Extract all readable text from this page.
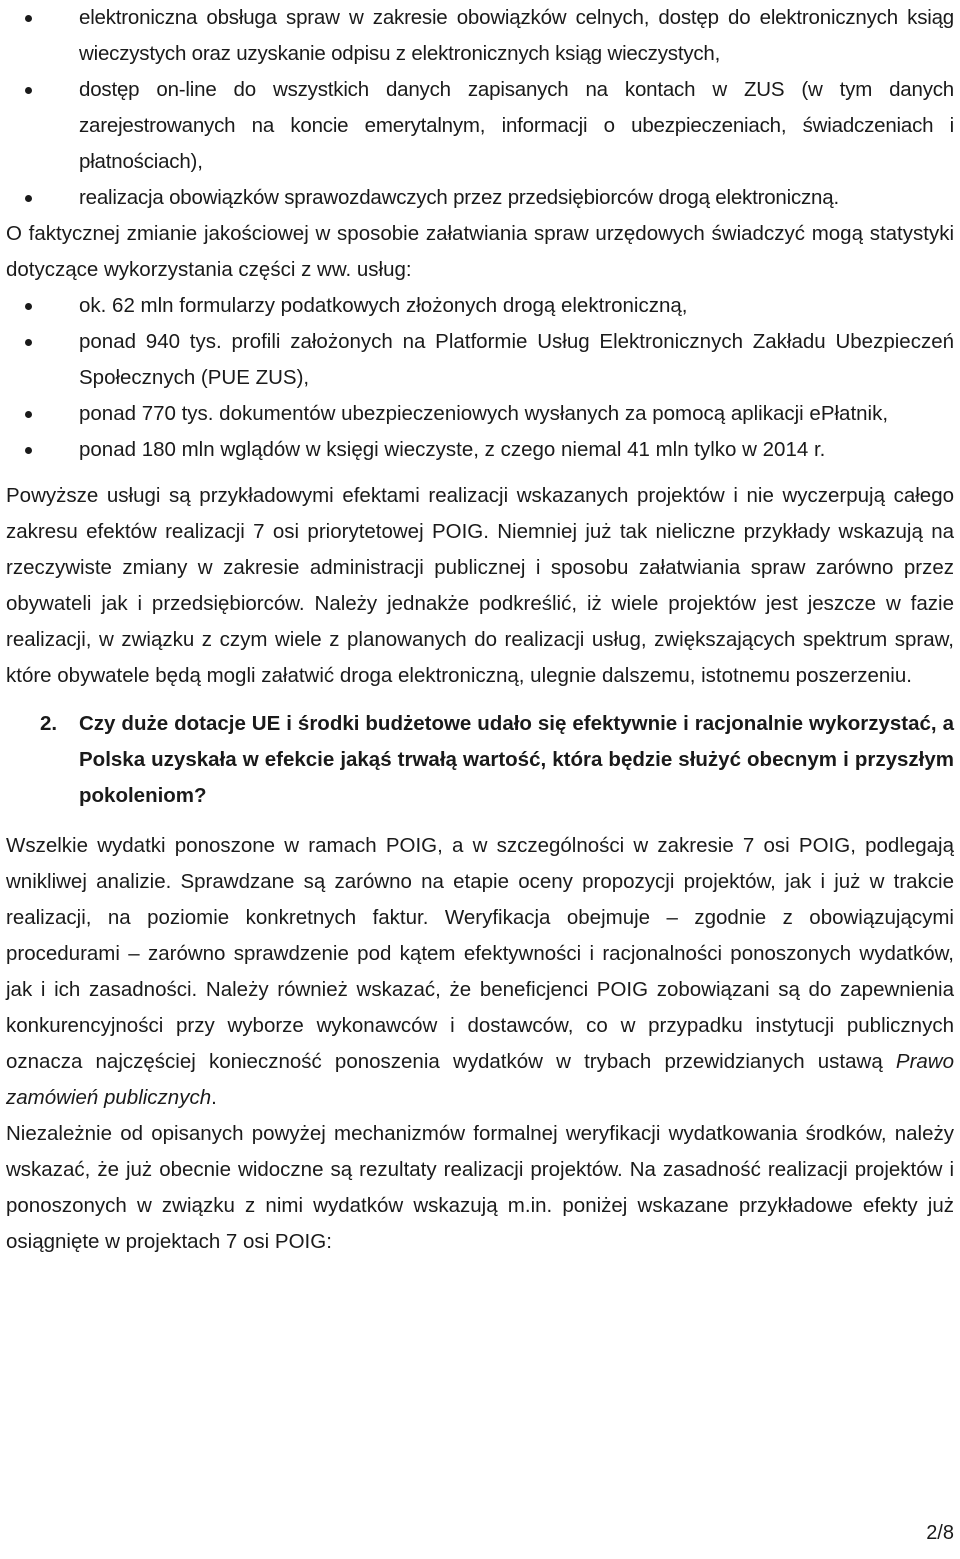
elektroniczna obsługa spraw w zakresie obowiązków celnych, dostęp do elektronicznych ksiąg wieczystych oraz uzyskanie odpisu z elektronicznych ksiąg wieczystych,
dostęp on-line do wszystkich danych zapisanych na kontach w ZUS (w tym danych zarejestrowanych na koncie emerytalnym, informacji o ubezpieczeniach, świadczeniach i płatnościach),
realizacja obowiązków sprawozdawczych przez przedsiębiorców drogą elektroniczną.

O faktycznej zmianie jakościowej w sposobie załatwiania spraw urzędowych świadczyć mogą statystyki dotyczące wykorzystania części z ww. usług:

ok. 62 mln formularzy podatkowych złożonych drogą elektroniczną,
ponad 940 tys. profili założonych na Platformie Usług Elektronicznych Zakładu Ubezpieczeń Społecznych (PUE ZUS),
ponad 770 tys. dokumentów ubezpieczeniowych wysłanych za pomocą aplikacji ePłatnik,
ponad 180 mln wglądów w księgi wieczyste, z czego niemal 41 mln tylko w 2014 r.

Powyższe usługi są przykładowymi efektami realizacji wskazanych projektów i nie wyczerpują całego zakresu efektów realizacji 7 osi priorytetowej POIG. Niemniej już tak nieliczne przykłady wskazują na rzeczywiste zmiany w zakresie administracji publicznej i sposobu załatwiania spraw zarówno przez obywateli jak i przedsiębiorców. Należy jednakże podkreślić, iż wiele projektów jest jeszcze w fazie realizacji, w związku z czym wiele z planowanych do realizacji usług, zwiększających spektrum spraw, które obywatele będą mogli załatwić droga elektroniczną, ulegnie dalszemu, istotnemu poszerzeniu.

2. Czy duże dotacje UE i środki budżetowe udało się efektywnie i racjonalnie wykorzystać, a Polska uzyskała w efekcie jakąś trwałą wartość, która będzie służyć obecnym i przyszłym pokoleniom?

Wszelkie wydatki ponoszone w ramach POIG, a w szczególności w zakresie 7 osi POIG, podlegają wnikliwej analizie. Sprawdzane są zarówno na etapie oceny propozycji projektów, jak i już w trakcie realizacji, na poziomie konkretnych faktur. Weryfikacja obejmuje – zgodnie z obowiązującymi procedurami – zarówno sprawdzenie pod kątem efektywności i racjonalności ponoszonych wydatków, jak i ich zasadności. Należy również wskazać, że beneficjenci POIG zobowiązani są do zapewnienia konkurencyjności przy wyborze wykonawców i dostawców, co w przypadku instytucji publicznych oznacza najczęściej konieczność ponoszenia wydatków w trybach przewidzianych ustawą Prawo zamówień publicznych.

Niezależnie od opisanych powyżej mechanizmów formalnej weryfikacji wydatkowania środków, należy wskazać, że już obecnie widoczne są rezultaty realizacji projektów. Na zasadność realizacji projektów i ponoszonych w związku z nimi wydatków wskazują m.in. poniżej wskazane przykładowe efekty już osiągnięte w projektach 7 osi POIG:

2/8
